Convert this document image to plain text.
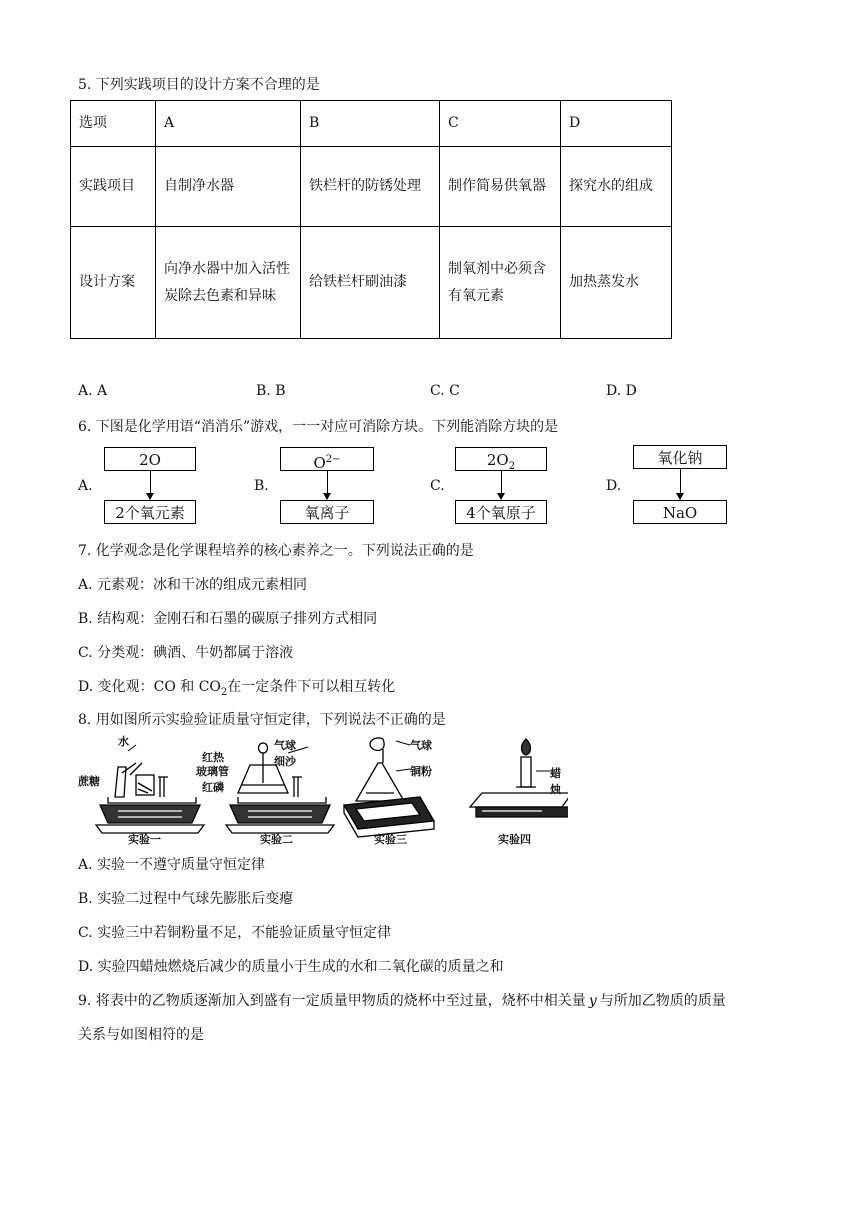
5. 下列实践项目的设计方案不合理的是
选项	A	B	C	D
实践项目	自制净水器	铁栏杆的防锈处理	制作简易供氧器	探究水的组成
设计方案	向净水器中加入活性炭除去色素和异味	给铁栏杆刷油漆	制氧剂中必须含有氧元素	加热蒸发水
A. A	B. B	C. C	D. D
6. 下图是化学用语“消消乐”游戏，一一对应可消除方块。下列能消除方块的是
A.
2O
2个氧元素
B.
$O^{2-}$
氧离子
C.
$2O_2$
4个氧原子
D.
氧化钠
NaO
7. 化学观念是化学课程培养的核心素养之一。下列说法正确的是
A. 元素观：冰和干冰的组成元素相同
B. 结构观：金刚石和石墨的碳原子排列方式相同
C. 分类观：碘酒、牛奶都属于溶液
D. 变化观：CO 和 $CO_2$在一定条件下可以相互转化
8. 用如图所示实验验证质量守恒定律，下列说法不正确的是
水
蔗糖
红热
玻璃管
红磷
气球
细沙
气球
铜粉	蜡烛
实验一	实验二	实验三	实验四
A. 实验一不遵守质量守恒定律
B. 实验二过程中气球先膨胀后变瘪
C. 实验三中若铜粉量不足，不能验证质量守恒定律
D. 实验四蜡烛燃烧后减少的质量小于生成的水和二氧化碳的质量之和
9. 将表中的乙物质逐渐加入到盛有一定质量甲物质的烧杯中至过量，烧杯中相关量 y 与所加乙物质的质量
关系与如图相符的是
